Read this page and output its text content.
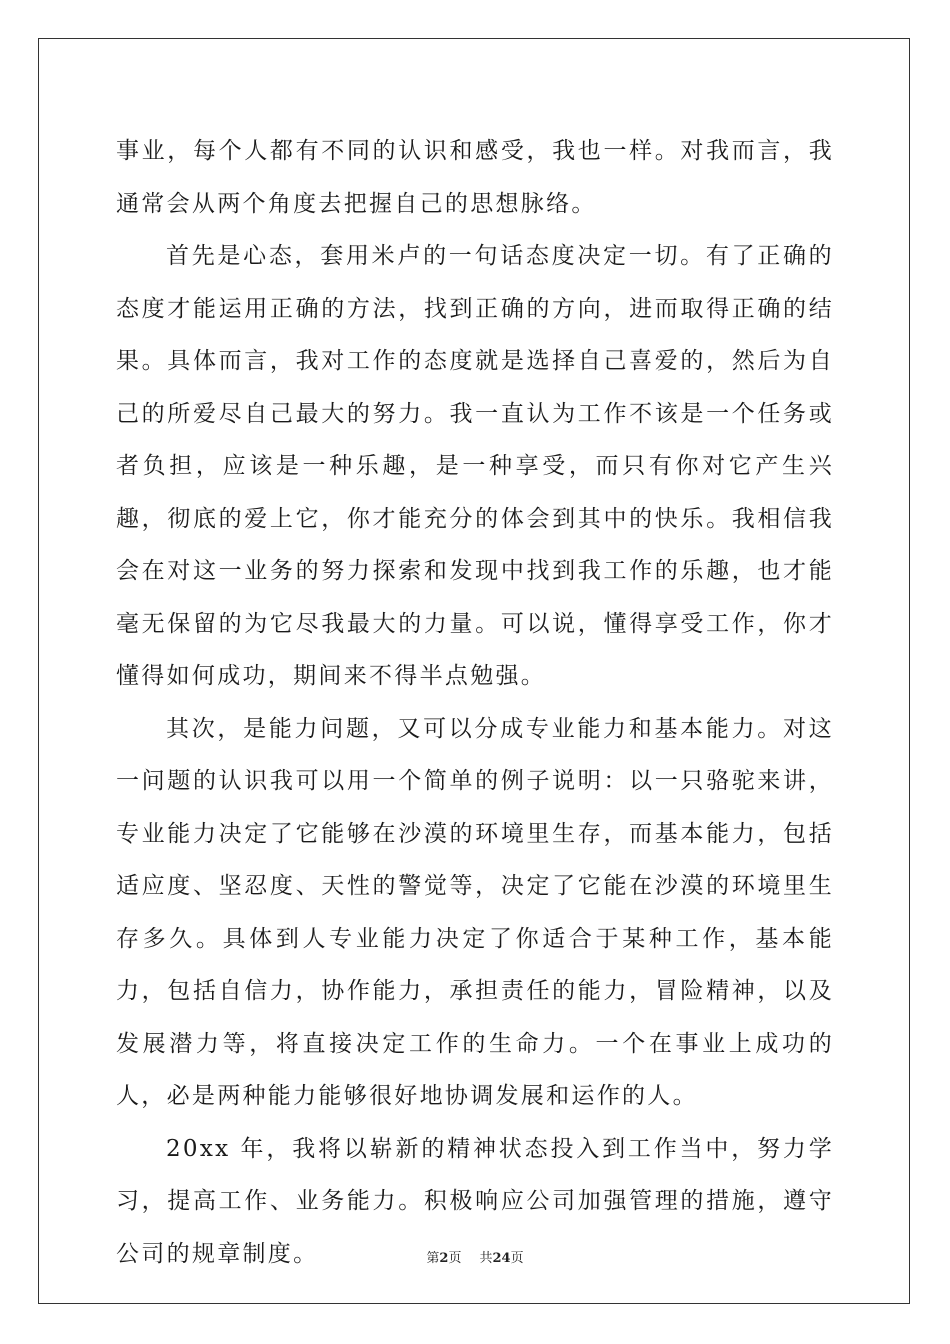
事业，每个人都有不同的认识和感受，我也一样。对我而言，我通常会从两个角度去把握自己的思想脉络。

首先是心态，套用米卢的一句话态度决定一切。有了正确的态度才能运用正确的方法，找到正确的方向，进而取得正确的结果。具体而言，我对工作的态度就是选择自己喜爱的，然后为自己的所爱尽自己最大的努力。我一直认为工作不该是一个任务或者负担，应该是一种乐趣，是一种享受，而只有你对它产生兴趣，彻底的爱上它，你才能充分的体会到其中的快乐。我相信我会在对这一业务的努力探索和发现中找到我工作的乐趣，也才能毫无保留的为它尽我最大的力量。可以说，懂得享受工作，你才懂得如何成功，期间来不得半点勉强。

其次，是能力问题，又可以分成专业能力和基本能力。对这一问题的认识我可以用一个简单的例子说明：以一只骆驼来讲，专业能力决定了它能够在沙漠的环境里生存，而基本能力，包括适应度、坚忍度、天性的警觉等，决定了它能在沙漠的环境里生存多久。具体到人专业能力决定了你适合于某种工作，基本能力，包括自信力，协作能力，承担责任的能力，冒险精神，以及发展潜力等，将直接决定工作的生命力。一个在事业上成功的人，必是两种能力能够很好地协调发展和运作的人。

20xx 年，我将以崭新的精神状态投入到工作当中，努力学习，提高工作、业务能力。积极响应公司加强管理的措施，遵守公司的规章制度。	第2页 共24页
